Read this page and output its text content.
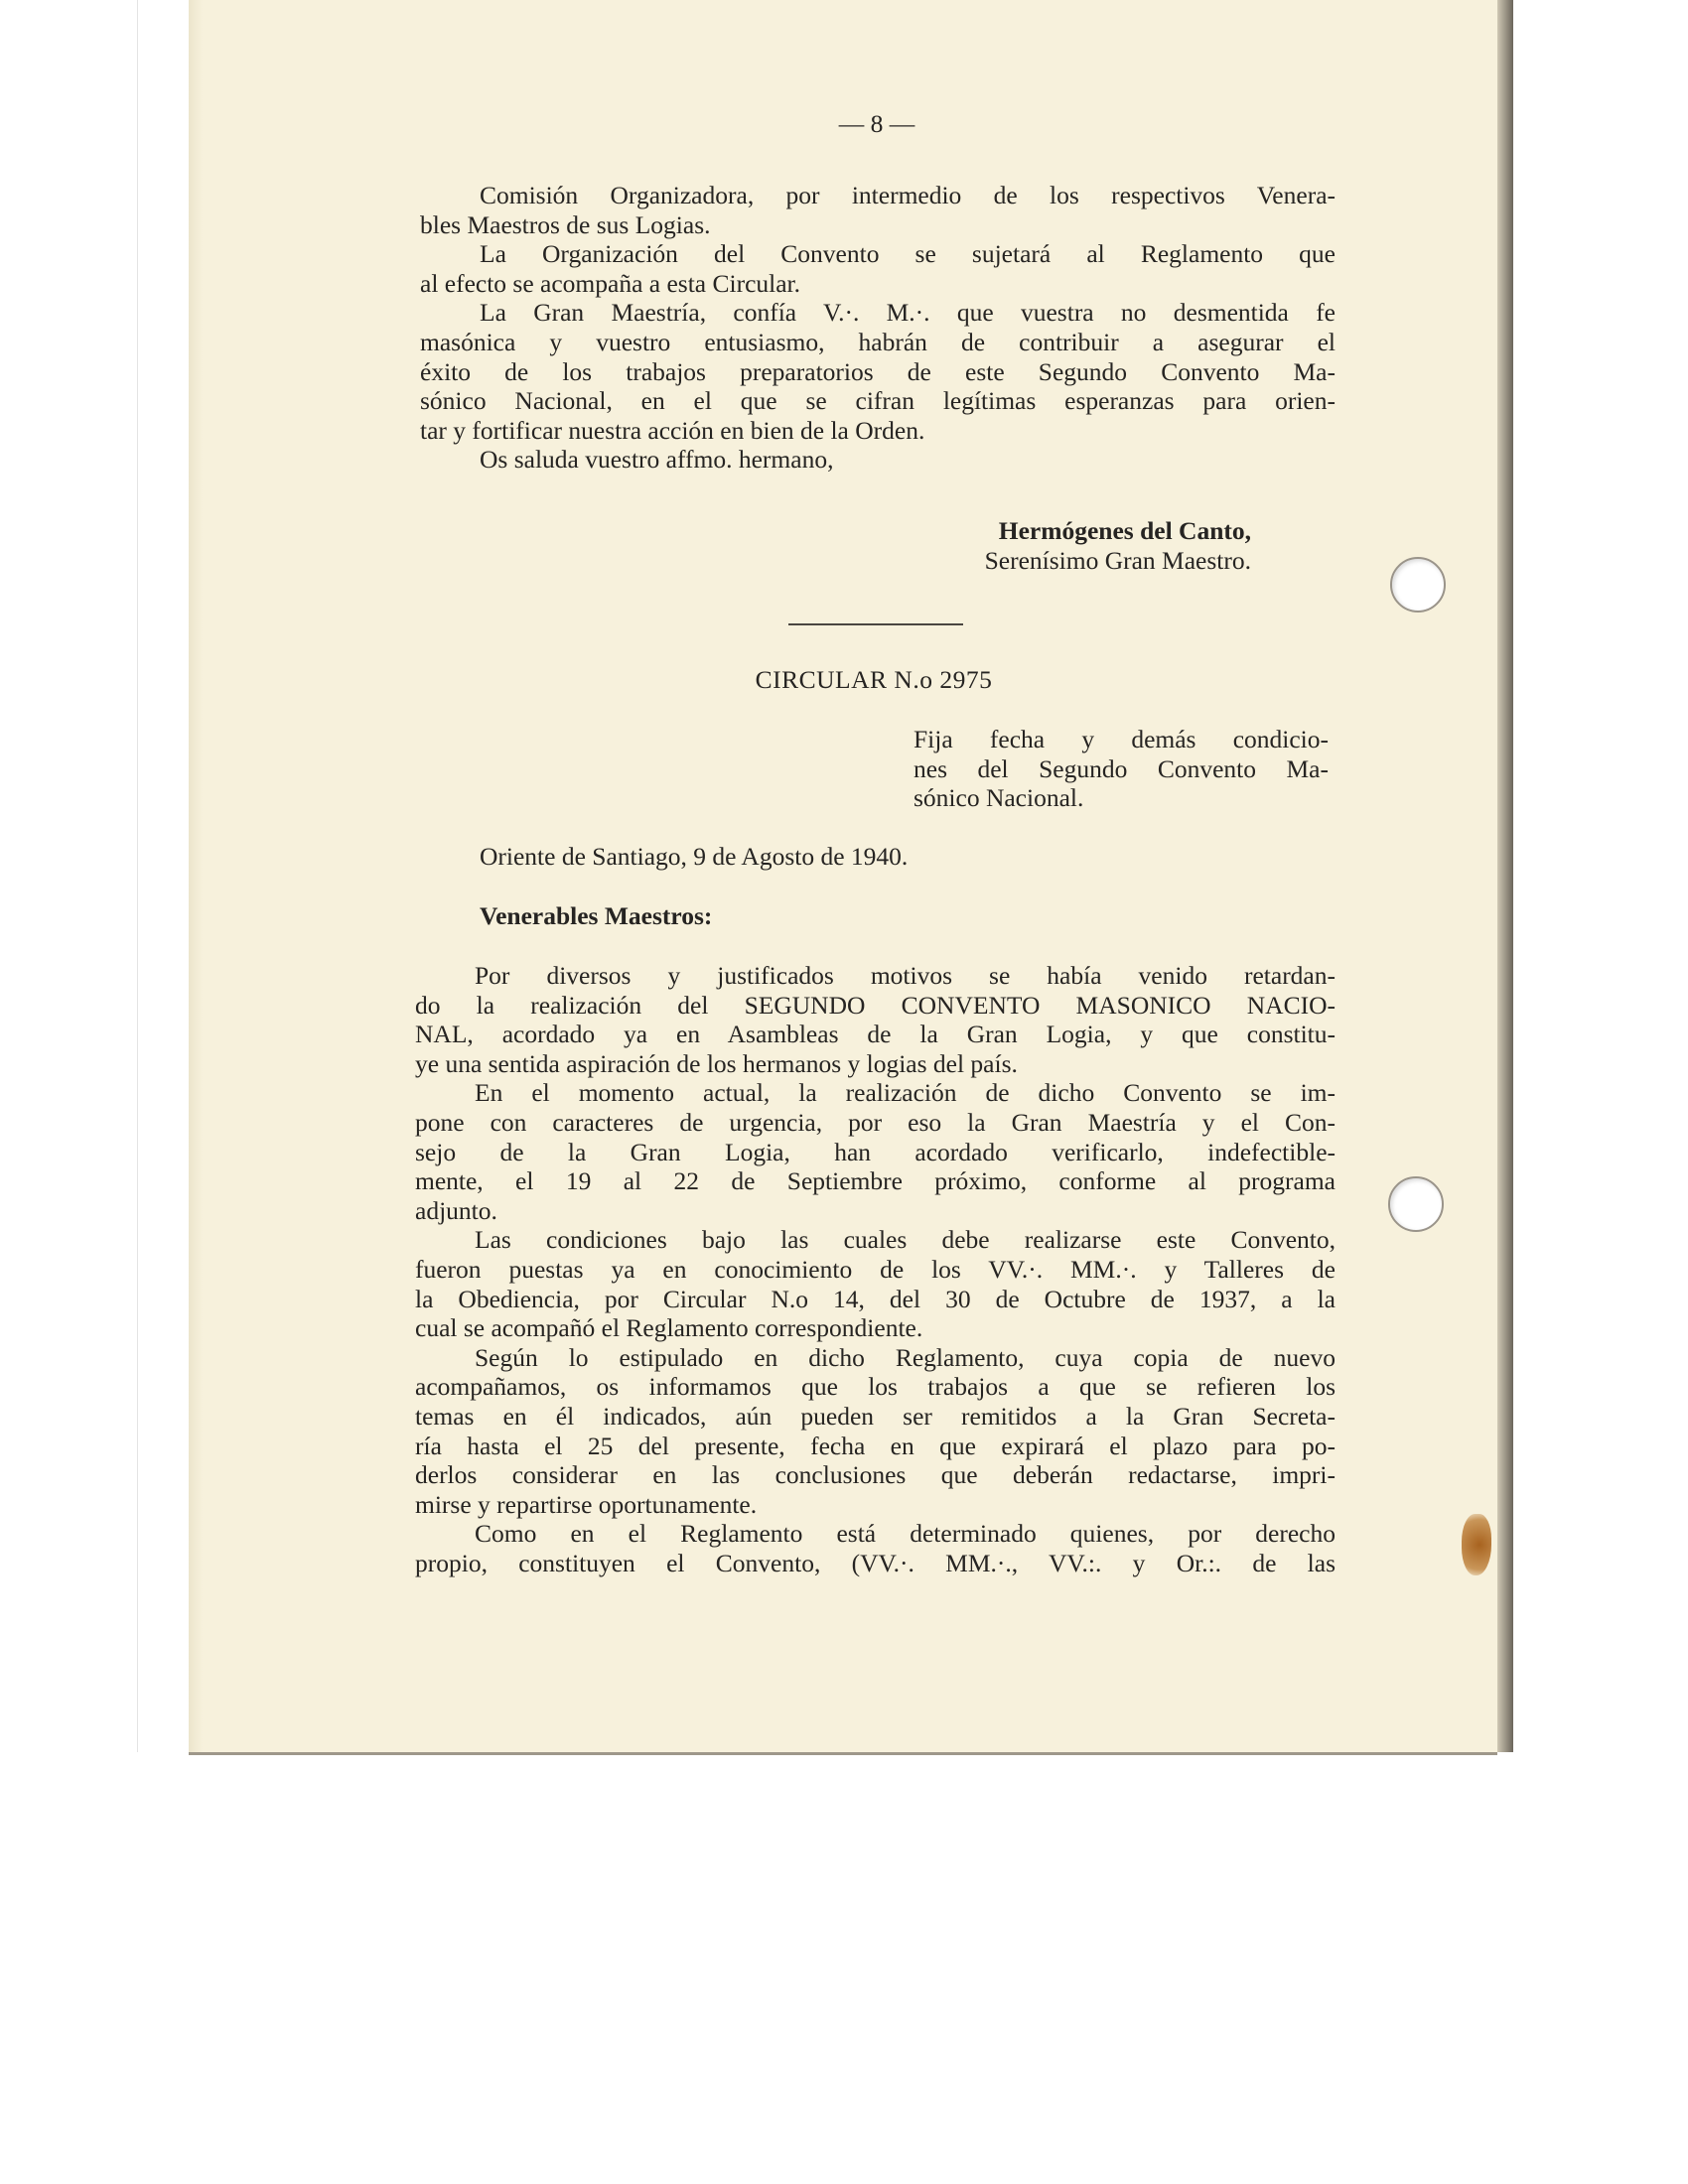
— 8 —
Comisión Organizadora, por intermedio de los respectivos Venera-
bles Maestros de sus Logias.
La Organización del Convento se sujetará al Reglamento que
al efecto se acompaña a esta Circular.
La Gran Maestría, confía V.·. M.·. que vuestra no desmentida fe
masónica y vuestro entusiasmo, habrán de contribuir a asegurar el
éxito de los trabajos preparatorios de este Segundo Convento Ma-
sónico Nacional, en el que se cifran legítimas esperanzas para orien-
tar y fortificar nuestra acción en bien de la Orden.
Os saluda vuestro affmo. hermano,
Hermógenes del Canto,
Serenísimo Gran Maestro.
CIRCULAR N.o 2975
Fija fecha y demás condicio-
nes del Segundo Convento Ma-
sónico Nacional.
Oriente de Santiago, 9 de Agosto de 1940.
Venerables Maestros:
Por diversos y justificados motivos se había venido retardan-
do la realización del SEGUNDO CONVENTO MASONICO NACIO-
NAL, acordado ya en Asambleas de la Gran Logia, y que constitu-
ye una sentida aspiración de los hermanos y logias del país.
En el momento actual, la realización de dicho Convento se im-
pone con caracteres de urgencia, por eso la Gran Maestría y el Con-
sejo de la Gran Logia, han acordado verificarlo, indefectible-
mente, el 19 al 22 de Septiembre próximo, conforme al programa
adjunto.
Las condiciones bajo las cuales debe realizarse este Convento,
fueron puestas ya en conocimiento de los VV.·. MM.·. y Talleres de
la Obediencia, por Circular N.o 14, del 30 de Octubre de 1937, a la
cual se acompañó el Reglamento correspondiente.
Según lo estipulado en dicho Reglamento, cuya copia de nuevo
acompañamos, os informamos que los trabajos a que se refieren los
temas en él indicados, aún pueden ser remitidos a la Gran Secreta-
ría hasta el 25 del presente, fecha en que expirará el plazo para po-
derlos considerar en las conclusiones que deberán redactarse, impri-
mirse y repartirse oportunamente.
Como en el Reglamento está determinado quienes, por derecho
propio, constituyen el Convento, (VV.·. MM.·., VV.:. y Or.:. de las
